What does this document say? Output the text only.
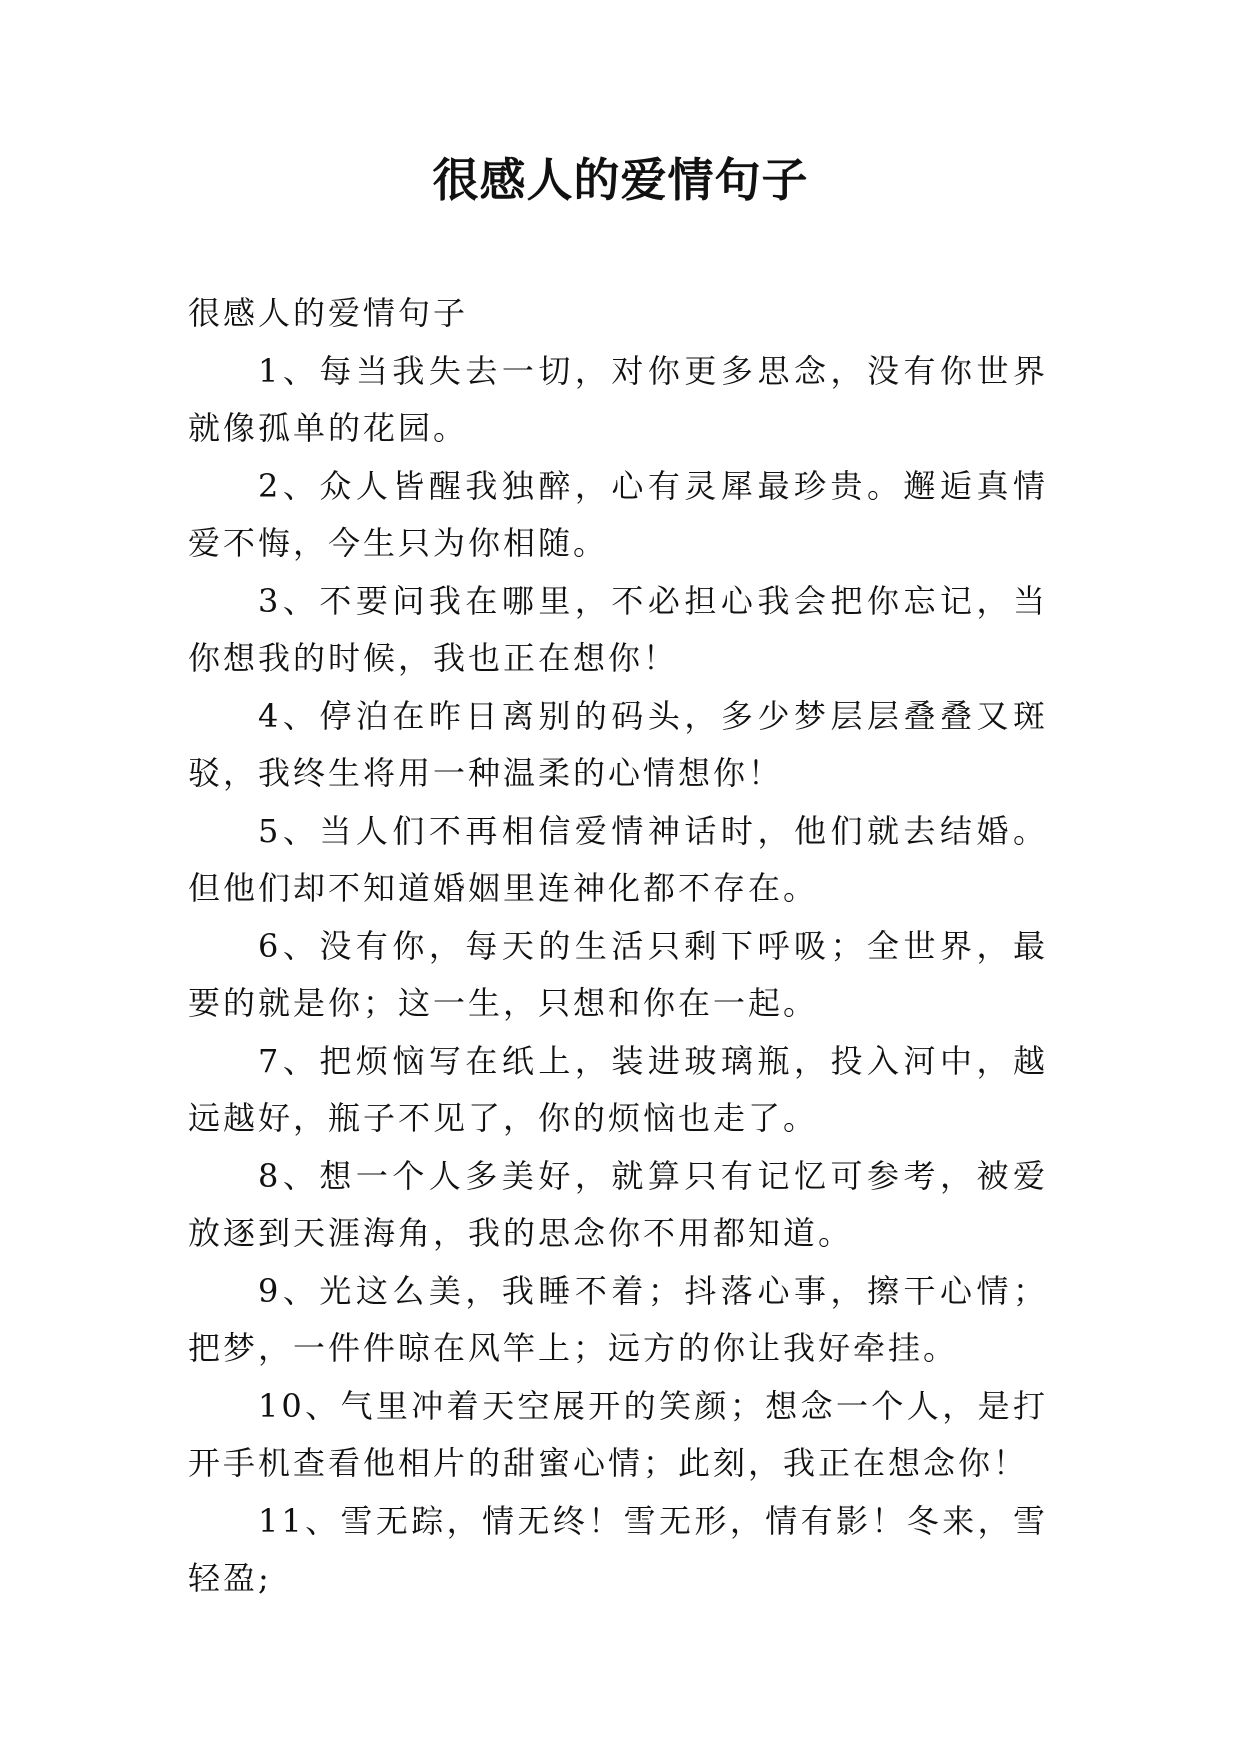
很感人的爱情句子

很感人的爱情句子

1、每当我失去一切，对你更多思念，没有你世界就像孤单的花园。

2、众人皆醒我独醉，心有灵犀最珍贵。邂逅真情爱不悔，今生只为你相随。

3、不要问我在哪里，不必担心我会把你忘记，当你想我的时候，我也正在想你！

4、停泊在昨日离别的码头，多少梦层层叠叠又斑驳，我终生将用一种温柔的心情想你！

5、当人们不再相信爱情神话时，他们就去结婚。但他们却不知道婚姻里连神化都不存在。

6、没有你，每天的生活只剩下呼吸；全世界，最要的就是你；这一生，只想和你在一起。

7、把烦恼写在纸上，装进玻璃瓶，投入河中，越远越好，瓶子不见了，你的烦恼也走了。

8、想一个人多美好，就算只有记忆可参考，被爱放逐到天涯海角，我的思念你不用都知道。

9、光这么美，我睡不着；抖落心事，擦干心情；把梦，一件件晾在风竿上；远方的你让我好牵挂。

10、气里冲着天空展开的笑颜；想念一个人，是打开手机查看他相片的甜蜜心情；此刻，我正在想念你！

11、雪无踪，情无终！雪无形，情有影！冬来，雪轻盈;
